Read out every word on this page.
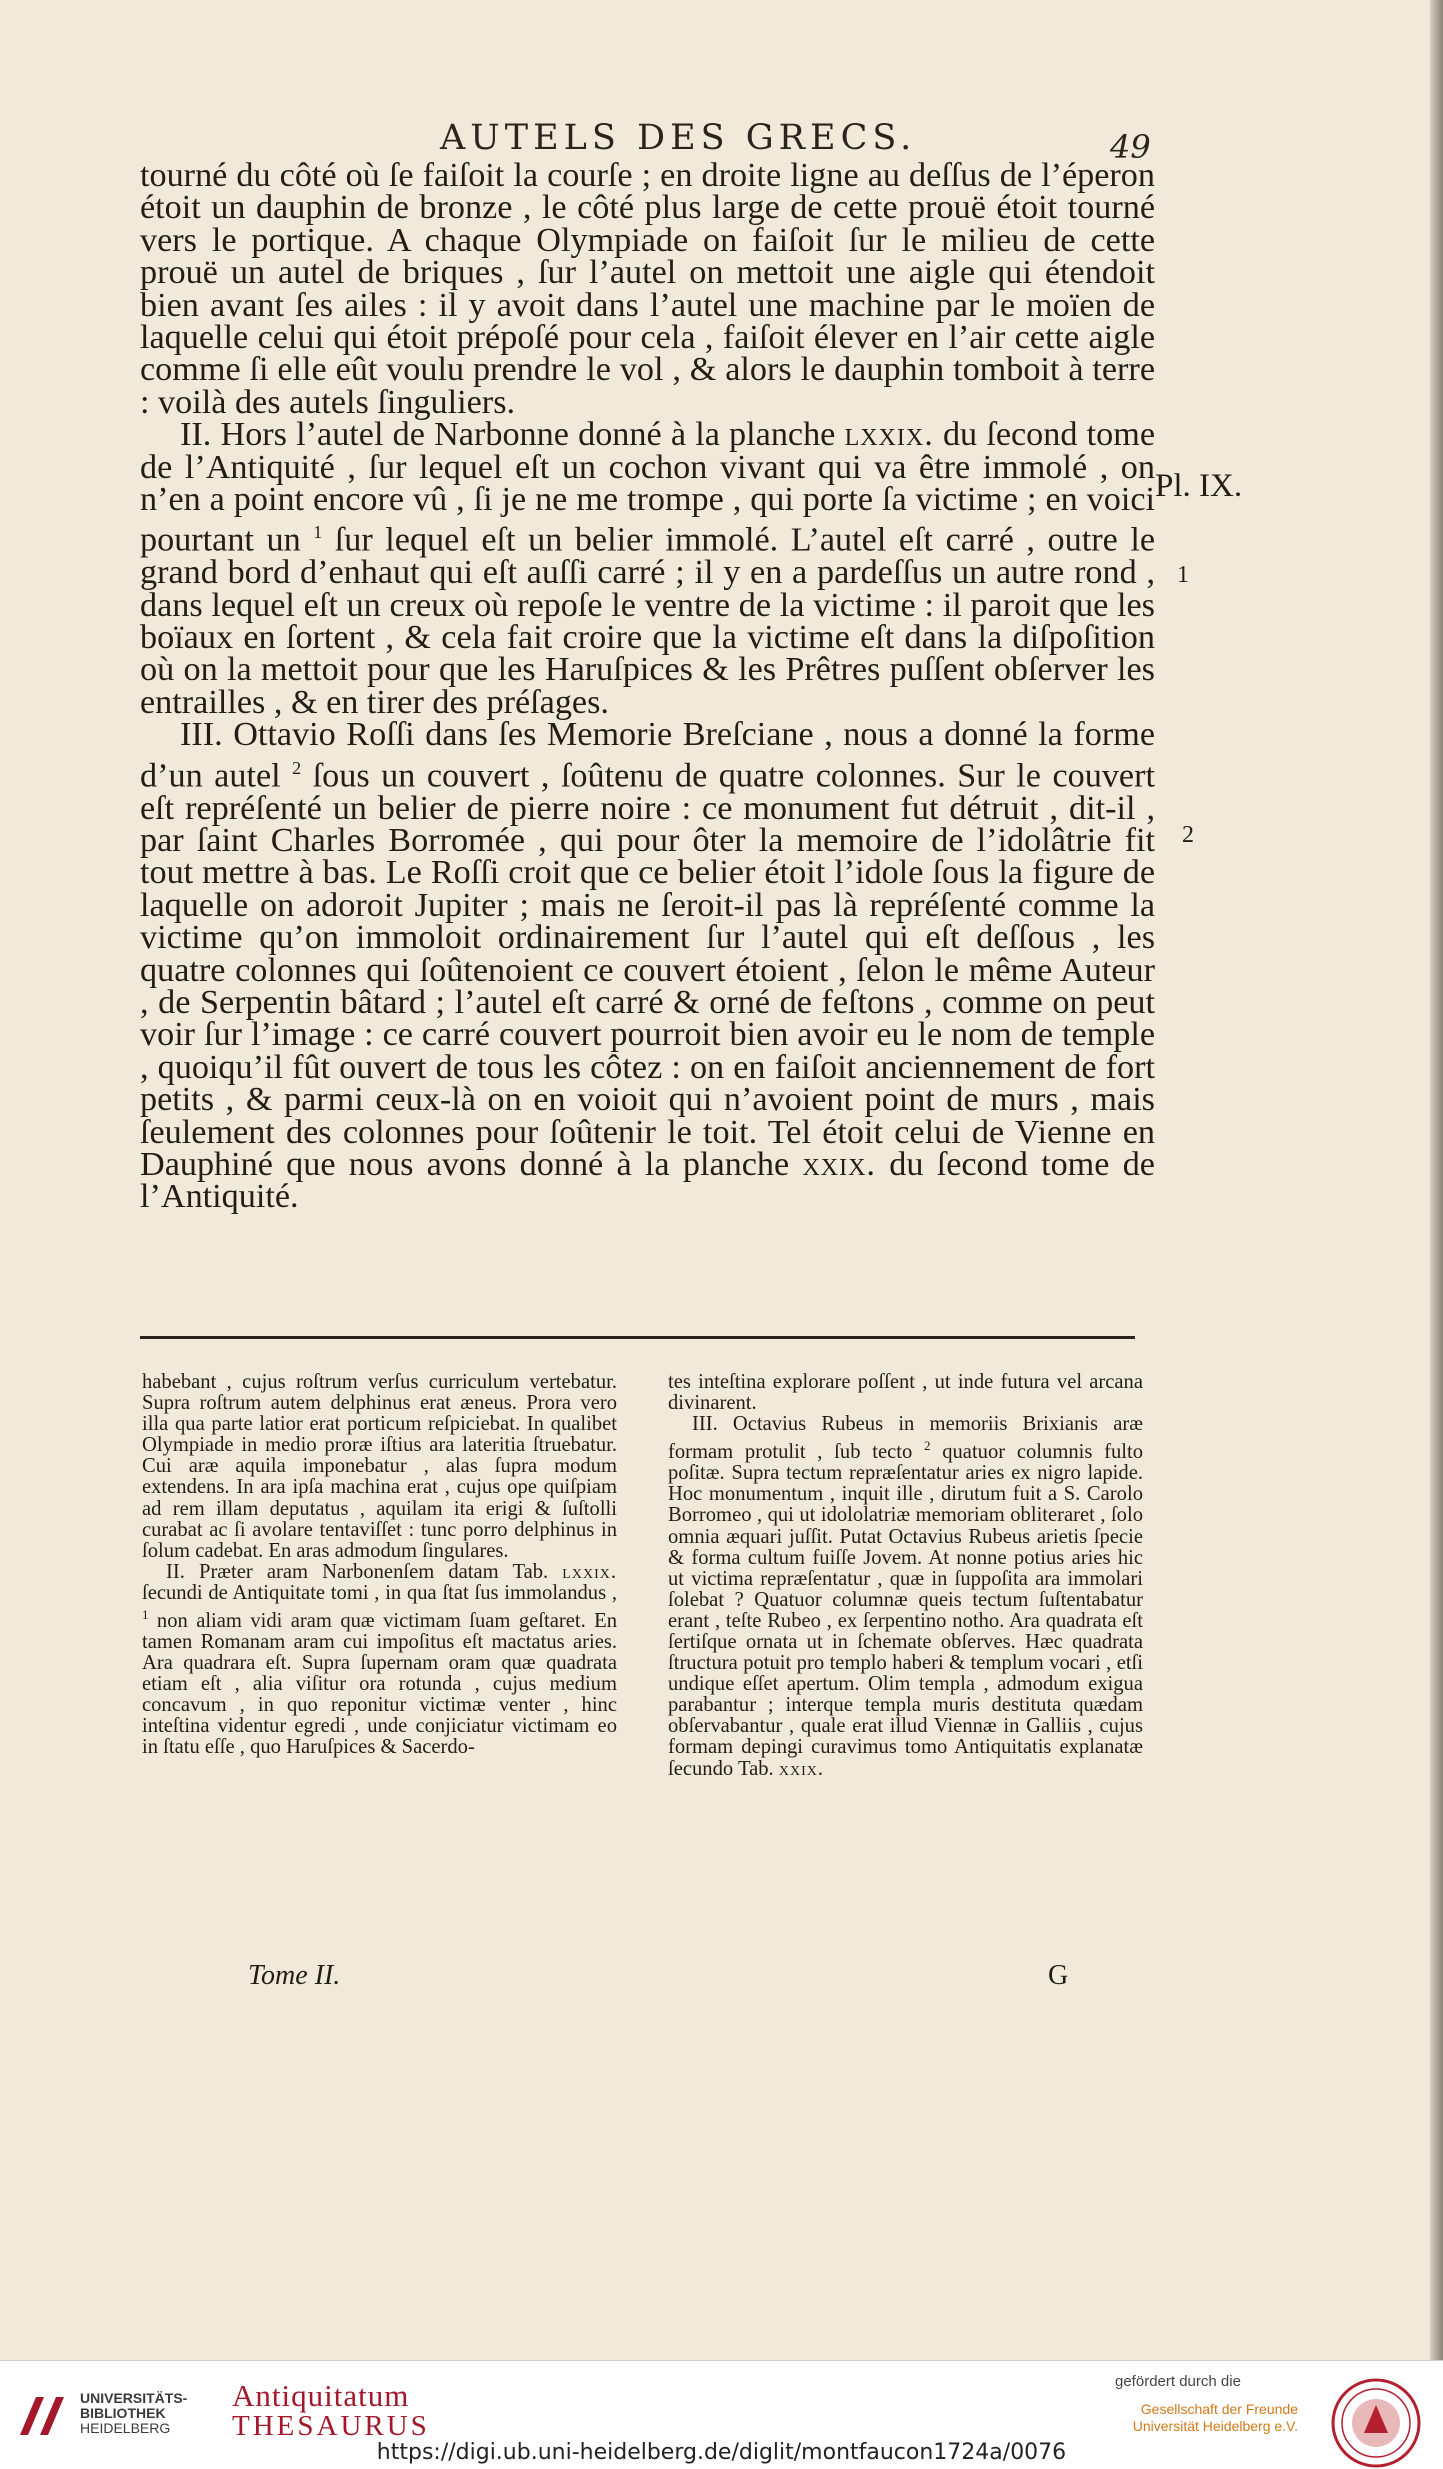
AUTELS DES GRECS.	49

tourné du côté où ſe faiſoit la courſe ; en droite ligne au deſſus de l’éperon étoit un dauphin de bronze , le côté plus large de cette prouë étoit tourné vers le portique. A chaque Olympiade on faiſoit ſur le milieu de cette prouë un autel de briques , ſur l’autel on mettoit une aigle qui étendoit bien avant ſes ailes : il y avoit dans l’autel une machine par le moïen de laquelle celui qui étoit prépoſé pour cela , faiſoit élever en l’air cette aigle comme ſi elle eût voulu prendre le vol , & alors le dauphin tomboit à terre : voilà des autels ſinguliers.

II. Hors l’autel de Narbonne donné à la planche lxxix. du ſecond tome de l’Antiquité , ſur lequel eſt un cochon vivant qui va être immolé , on n’en a point encore vû , ſi je ne me trompe , qui porte ſa victime ; en voici pourtant un $^1$ ſur lequel eſt un belier immolé. L’autel eſt carré , outre le grand bord d’enhaut qui eſt auſſi carré ; il y en a pardeſſus un autre rond , dans lequel eſt un creux où repoſe le ventre de la victime : il paroit que les boïaux en ſortent , & cela fait croire que la victime eſt dans la diſpoſition où on la mettoit pour que les Haruſpices & les Prêtres puſſent obſerver les entrailles , & en tirer des préſages.

III. Ottavio Roſſi dans ſes Memorie Breſciane , nous a donné la forme d’un autel $^2$ ſous un couvert , ſoûtenu de quatre colonnes. Sur le couvert eſt repréſenté un belier de pierre noire : ce monument fut détruit , dit-il , par ſaint Charles Borromée , qui pour ôter la memoire de l’idolâtrie fit tout mettre à bas. Le Roſſi croit que ce belier étoit l’idole ſous la figure de laquelle on adoroit Jupiter ; mais ne ſeroit-il pas là repréſenté comme la victime qu’on immoloit ordinairement ſur l’autel qui eſt deſſous , les quatre colonnes qui ſoûtenoient ce couvert étoient , ſelon le même Auteur , de Serpentin bâtard ; l’autel eſt carré & orné de feſtons , comme on peut voir ſur l’image : ce carré couvert pourroit bien avoir eu le nom de temple , quoiqu’il fût ouvert de tous les côtez : on en faiſoit anciennement de fort petits , & parmi ceux-là on en voioit qui n’avoient point de murs , mais ſeulement des colonnes pour ſoûtenir le toit. Tel étoit celui de Vienne en Dauphiné que nous avons donné à la planche xxix. du ſecond tome de l’Antiquité.

Pl. IX.
1
2

habebant , cujus roſtrum verſus curriculum vertebatur. Supra roſtrum autem delphinus erat æneus. Prora vero illa qua parte latior erat porticum reſpiciebat. In qualibet Olympiade in medio proræ iſtius ara lateritia ſtruebatur. Cui aræ aquila imponebatur , alas ſupra modum extendens. In ara ipſa machina erat , cujus ope quiſpiam ad rem illam deputatus , aquilam ita erigi & ſuſtolli curabat ac ſi avolare tentaviſſet : tunc porro delphinus in ſolum cadebat. En aras admodum ſingulares.

II. Præter aram Narbonenſem datam Tab. lxxix. ſecundi de Antiquitate tomi , in qua ſtat ſus immolandus , $^1$ non aliam vidi aram quæ victimam ſuam geſtaret. En tamen Romanam aram cui impoſitus eſt mactatus aries. Ara quadrara eſt. Supra ſupernam oram quæ quadrata etiam eſt , alia viſitur ora rotunda , cujus medium concavum , in quo reponitur victimæ venter , hinc inteſtina videntur egredi , unde conjiciatur victimam eo in ſtatu eſſe , quo Haruſpices & Sacerdo-

tes inteſtina explorare poſſent , ut inde futura vel arcana divinarent.

III. Octavius Rubeus in memoriis Brixianis aræ formam protulit , ſub tecto $^2$ quatuor columnis fulto poſitæ. Supra tectum repræſentatur aries ex nigro lapide. Hoc monumentum , inquit ille , dirutum fuit a S. Carolo Borromeo , qui ut idololatriæ memoriam obliteraret , ſolo omnia æquari juſſit. Putat Octavius Rubeus arietis ſpecie & forma cultum fuiſſe Jovem. At nonne potius aries hic ut victima repræſentatur , quæ in ſuppoſita ara immolari ſolebat ? Quatuor columnæ queis tectum ſuſtentabatur erant , teſte Rubeo , ex ſerpentino notho. Ara quadrata eſt ſertiſque ornata ut in ſchemate obſerves. Hæc quadrata ſtructura potuit pro templo haberi & templum vocari , etſi undique eſſet apertum. Olim templa , admodum exigua parabantur ; interque templa muris destituta quædam obſervabantur , quale erat illud Viennæ in Galliis , cujus formam depingi curavimus tomo Antiquitatis explanatæ ſecundo Tab. xxix.

Tome II.	G
UNIVERSITÄTS-
BIBLIOTHEK
HEIDELBERG
Antiquitatum
THESAURUS
gefördert durch die
Gesellschaft der Freunde
Universität Heidelberg e.V.
https://digi.ub.uni-heidelberg.de/diglit/montfaucon1724a/0076
